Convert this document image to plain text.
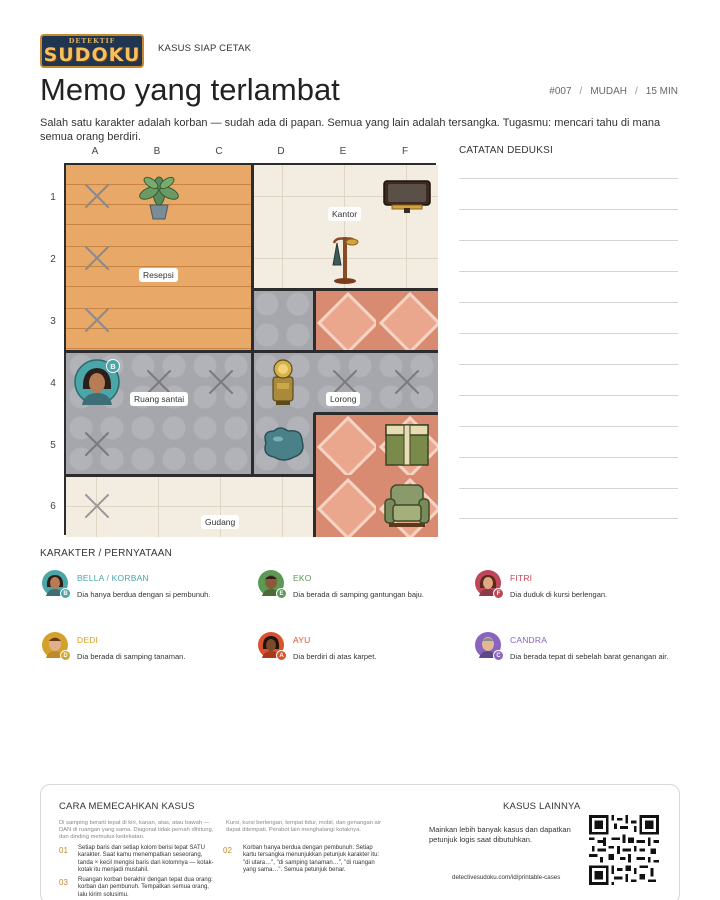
DETEKTIF
SUDOKU KASUS SIAP CETAK
Memo yang terlambat	#007 / MUDAH / 15 MIN

Salah satu karakter adalah korban — sudah ada di papan. Semua yang lain adalah tersangka. Tugasmu: mencari tahu di mana semua orang berdiri.

A	B	C	D	E	F
1
2
3
4
5
6
B
Kantor
Resepsi
Ruang santai	Lorong
Gudang
CATATAN DEDUKSI
KARAKTER / PERNYATAAN
B
BELLA / KORBAN
Dia hanya berdua dengan si pembunuh.	E
EKO
Dia berada di samping gantungan baju.	F
FITRI
Dia duduk di kursi berlengan.
D
DEDI
Dia berada di samping tanaman.	A
AYU
Dia berdiri di atas karpet.	C
CANDRA
Dia berada tepat di sebelah barat genangan air.
CARA MEMECAHKAN KASUS
Di samping berarti tepat di kiri, kanan, atas, atau bawah — DAN di ruangan yang sama. Diagonal tidak pernah dihitung, dan dinding memutus kedekatan.
Kursi, kursi berlengan, tempat tidur, mobil, dan genangan air dapat ditempati. Perabot lain menghalangi kotaknya.
01 Setiap baris dan setiap kolom berisi tepat SATU karakter. Saat kamu menempatkan seseorang, tanda × kecil mengisi baris dan kolomnya — kotak-kotak itu menjadi mustahil.
02 Korban hanya berdua dengan pembunuh. Setiap kartu tersangka menunjukkan petunjuk karakter itu: "di utara…", "di samping tanaman…", "di ruangan yang sama…". Semua petunjuk benar.
03 Ruangan korban berakhir dengan tepat dua orang: korban dan pembunuh. Tempatkan semua orang, lalu kirim solusimu.
KASUS LAINNYA
Mainkan lebih banyak kasus dan dapatkan petunjuk logis saat dibutuhkan.
detectivesudoku.com/id/printable-cases
